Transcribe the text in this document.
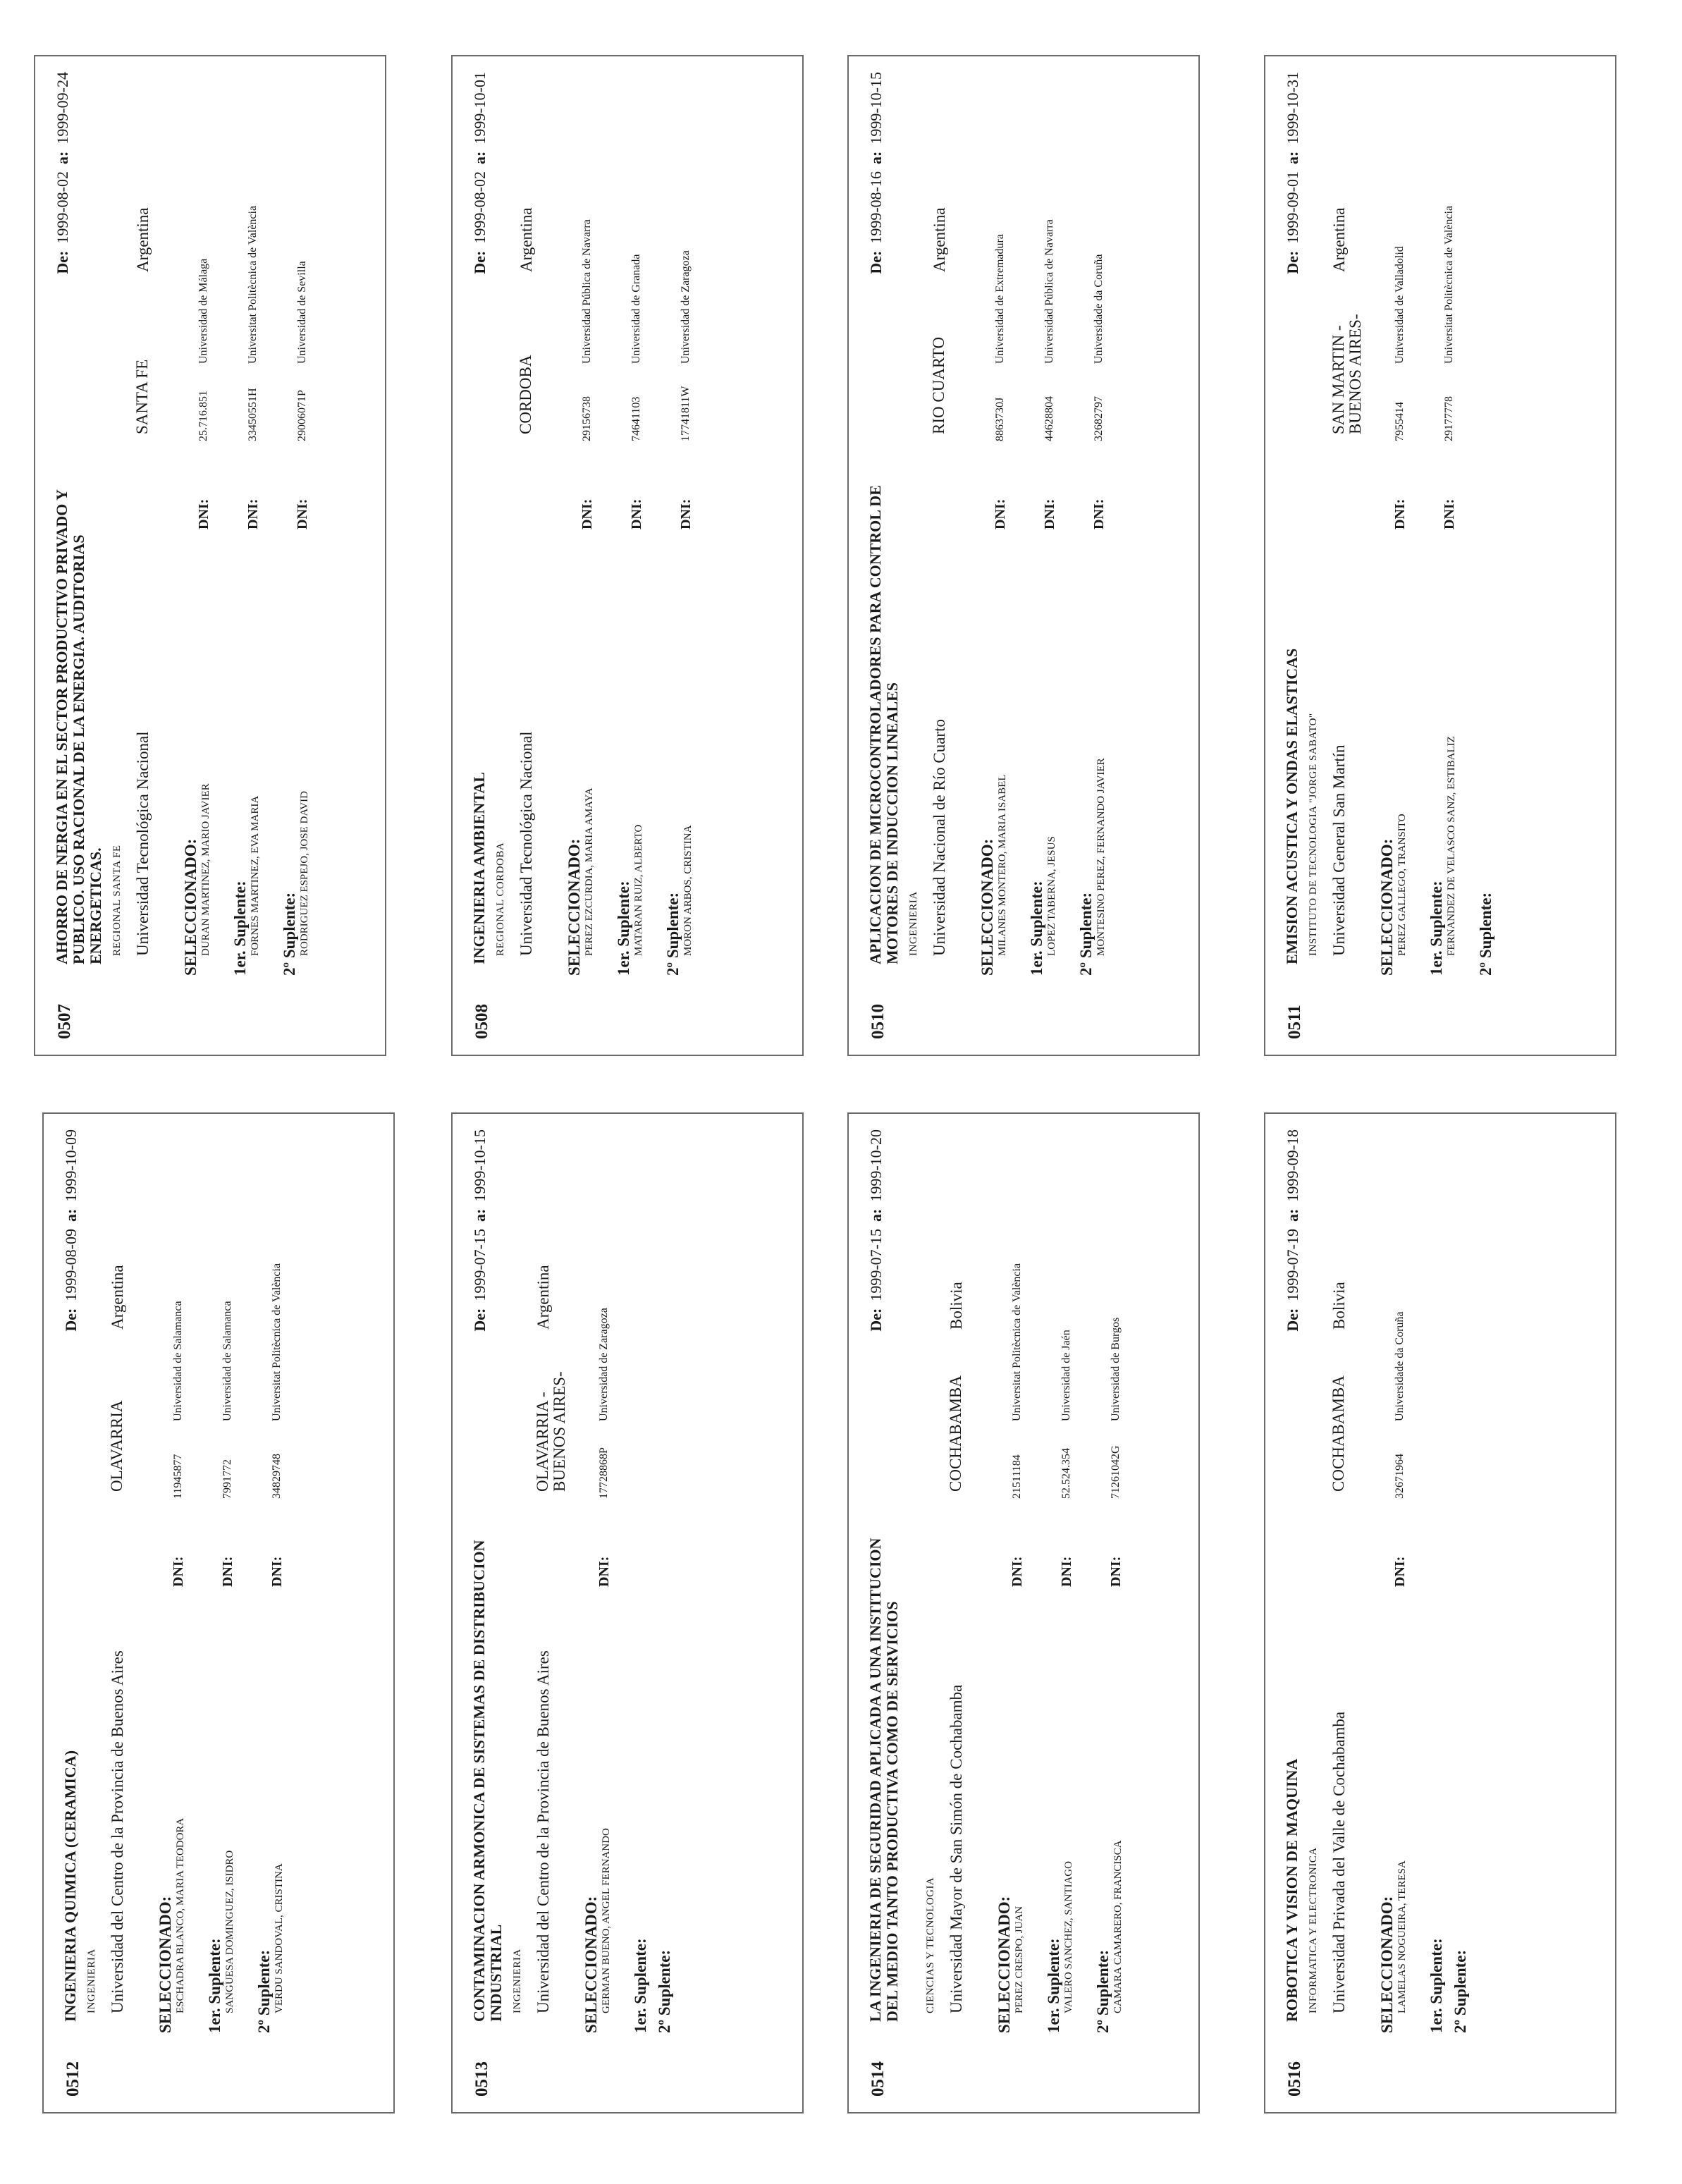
0507
AHORRO DE NERGIA EN EL SECTOR PRODUCTIVO PRIVADO Y PUBLICO. USO RACIONAL DE LA ENERGIA. AUDITORIAS ENERGETICAS.
De:1999-08-02a:1999-09-24
REGIONAL SANTA FE Universidad Tecnológica Nacional
SANTA FE
Argentina
SELECCIONADO: DURAN MARTINEZ, MARIO JAVIER
DNI:
25.716.851
Universidad de Málaga
1er. Suplente: FORNES MARTINEZ, EVA MARIA
DNI:
33450551H
Universitat Politècnica de València
2º Suplente: RODRIGUEZ ESPEJO, JOSE DAVID
DNI:
29006071P
Universidad de Sevilla
0508
INGENIERIA AMBIENTAL
De:1999-08-02a:1999-10-01
REGIONAL CORDOBA Universidad Tecnológica Nacional
CORDOBA
Argentina
SELECCIONADO: PEREZ EZCURDIA, MARIA AMAYA
DNI:
29156738
Universidad Pública de Navarra
1er. Suplente: MATARAN RUIZ, ALBERTO
DNI:
74641103
Universidad de Granada
2º Suplente: MORON ARBOS, CRISTINA
DNI:
17741811W
Universidad de Zaragoza
0510
APLICACION DE MICROCONTROLADORES PARA CONTROL DE MOTORES DE INDUCCION LINEALES
De:1999-08-16a:1999-10-15
INGENIERIA Universidad Nacional de Río Cuarto
RIO CUARTO
Argentina
SELECCIONADO: MILANES MONTERO, MARIA ISABEL
DNI:
8863730J
Universidad de Extremadura
1er. Suplente: LOPEZ TABERNA, JESUS
DNI:
44628804
Universidad Pública de Navarra
2º Suplente: MONTESINO PEREZ, FERNANDO JAVIER
DNI:
32682797
Universidade da Coruña
0511
EMISION ACUSTICA Y ONDAS ELASTICAS
De:1999-09-01a:1999-10-31
INSTITUTO DE TECNOLOGIA "JORGE SABATO" Universidad General San Martín
SAN MARTIN - BUENOS AIRES-
Argentina
SELECCIONADO: PEREZ GALLEGO, TRANSITO
DNI:
7955414
Universidad de Valladolid
1er. Suplente: FERNANDEZ DE VELASCO SANZ, ESTIBALIZ
DNI:
29177778
Universitat Politècnica de València
2º Suplente:
0512
INGENIERIA QUIMICA (CERAMICA)
De:1999-08-09a:1999-10-09
INGENIERIA Universidad del Centro de la Provincia de Buenos Aires
OLAVARRIA
Argentina
SELECCIONADO: ESCHADRA BLANCO, MARIA TEODORA
DNI:
11945877
Universidad de Salamanca
1er. Suplente: SANGUESA DOMINGUEZ, ISIDRO
DNI:
7991772
Universidad de Salamanca
2º Suplente: VERDU SANDOVAL, CRISTINA
DNI:
34829748
Universitat Politècnica de València
0513
CONTAMINACION ARMONICA DE SISTEMAS DE DISTRIBUCION INDUSTRIAL
De:1999-07-15a:1999-10-15
INGENIERIA Universidad del Centro de la Provincia de Buenos Aires
OLAVARRIA - BUENOS AIRES-
Argentina
SELECCIONADO: GERMAN BUENO, ANGEL FERNANDO
DNI:
17728868P
Universidad de Zaragoza
1er. Suplente: 2º Suplente:
0514
LA INGENIERIA DE SEGURIDAD APLICADA A UNA INSTITUCION DEL MEDIO TANTO PRODUCTIVA COMO DE SERVICIOS
De:1999-07-15a:1999-10-20
CIENCIAS Y TECNOLOGIA Universidad Mayor de San Simón de Cochabamba
COCHABAMBA
Bolivia
SELECCIONADO: PEREZ CRESPO, JUAN
DNI:
21511184
Universitat Politècnica de València
1er. Suplente: VALERO SANCHEZ, SANTIAGO
DNI:
52.524.354
Universidad de Jaén
2º Suplente: CAMARA CAMARERO, FRANCISCA
DNI:
71261042G
Universidad de Burgos
0516
ROBOTICA Y VISION DE MAQUINA
De:1999-07-19a:1999-09-18
INFORMATICA Y ELECTRONICA Universidad Privada del Valle de Cochabamba
COCHABAMBA
Bolivia
SELECCIONADO: LAMELAS NOGUEIRA, TERESA
DNI:
32671964
Universidade da Coruña
1er. Suplente: 2º Suplente:
